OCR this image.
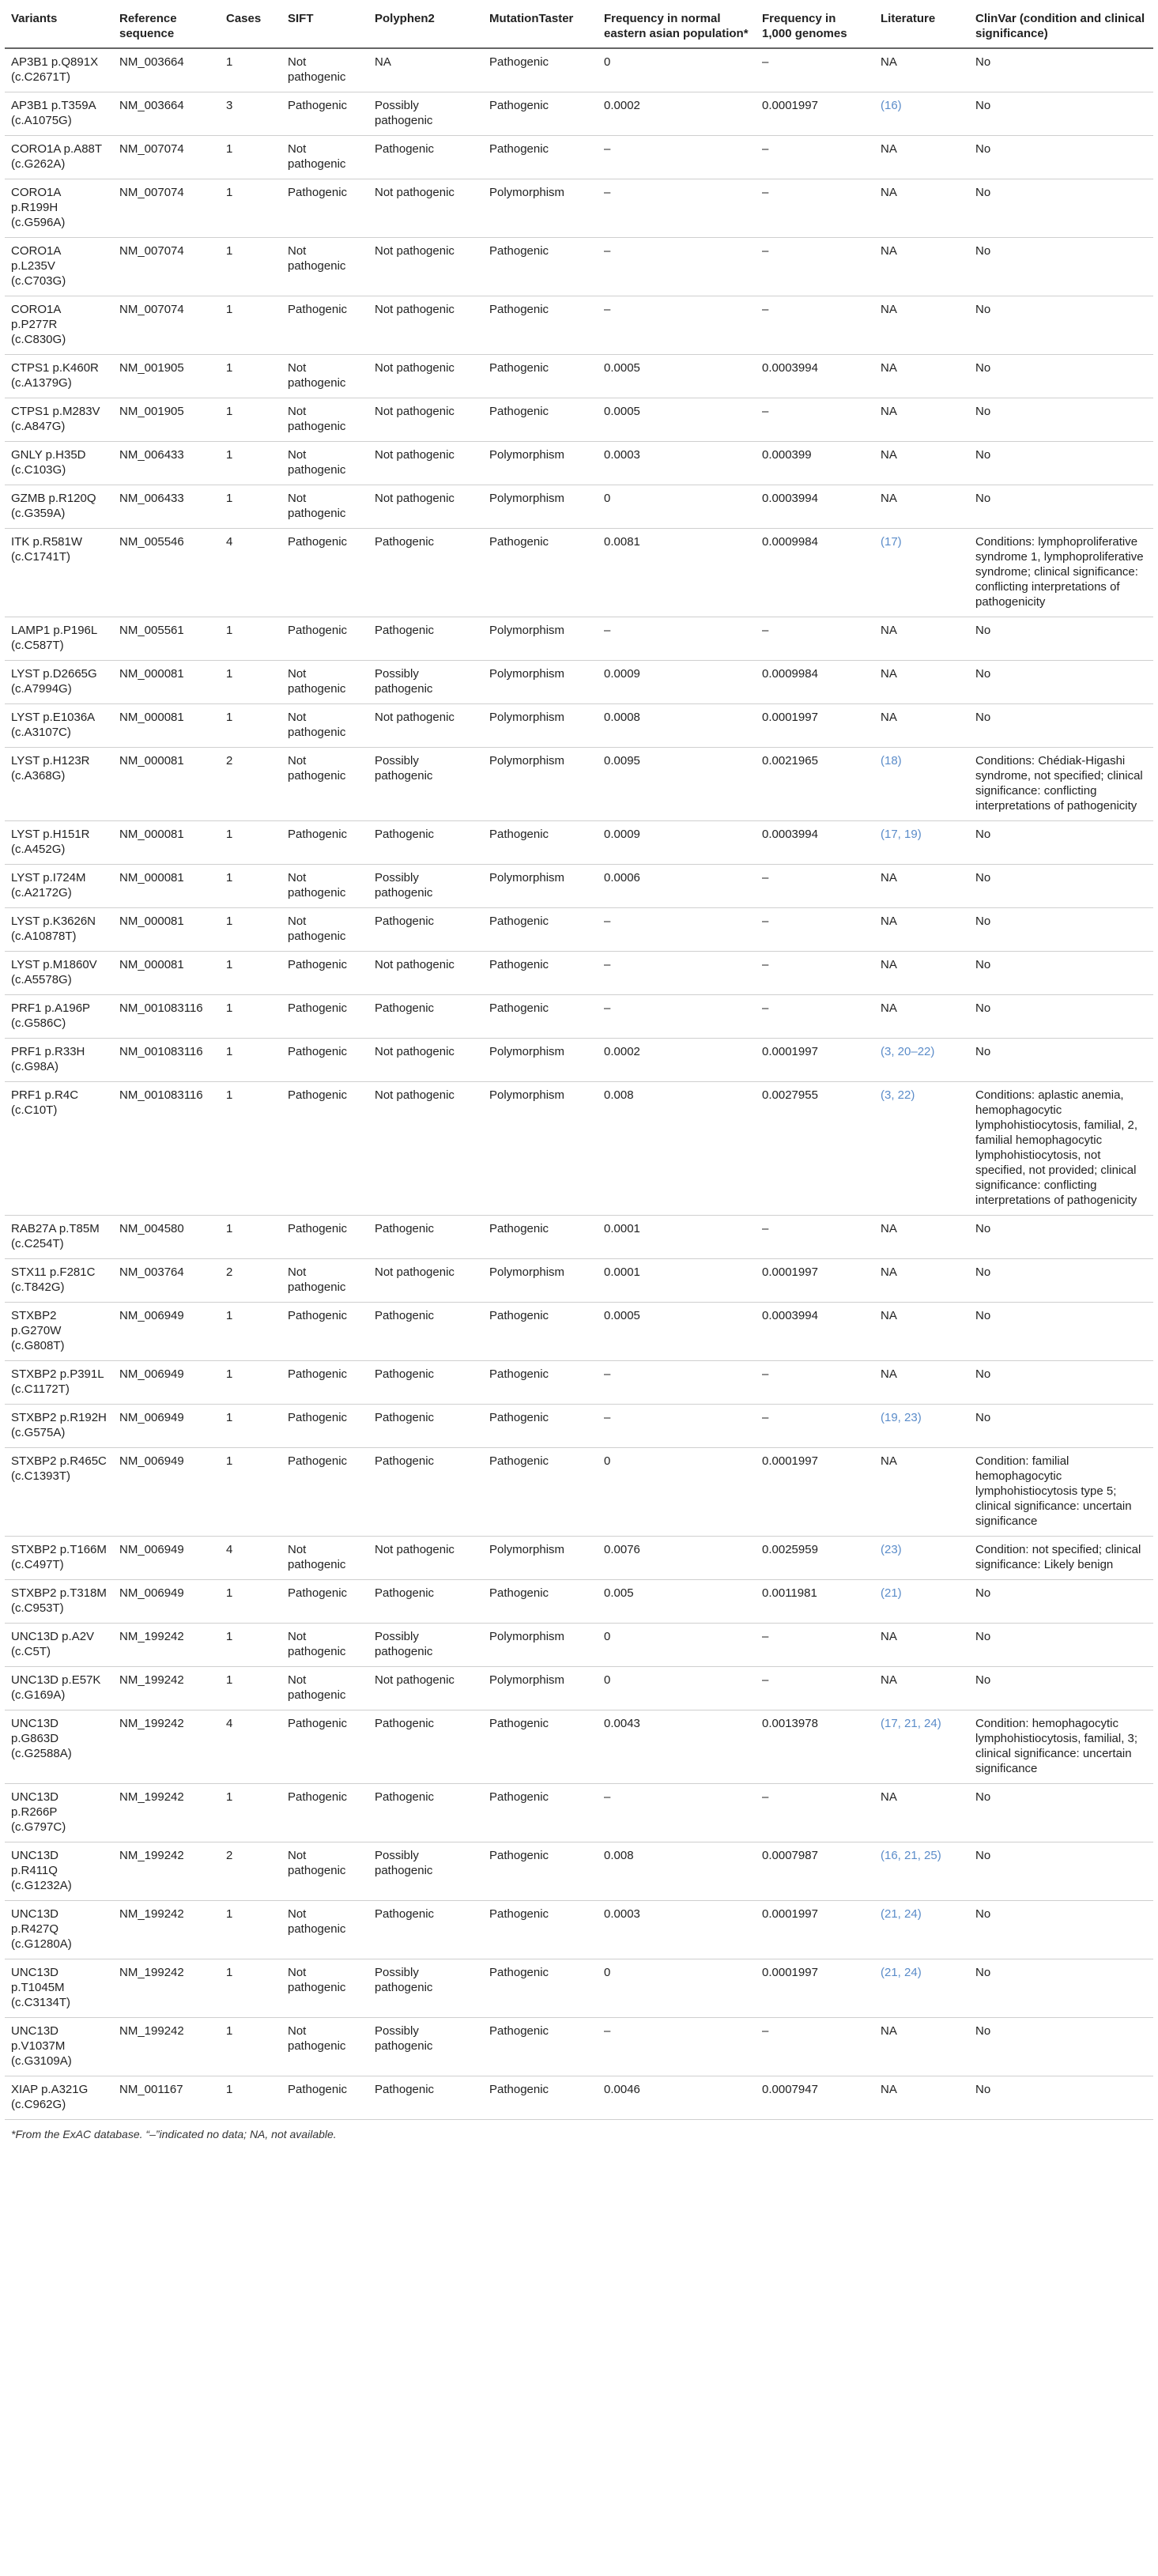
Variants	Reference sequence	Cases	SIFT	Polyphen2	MutationTaster	Frequency in normal eastern asian population*	Frequency in 1,000 genomes	Literature	ClinVar (condition and clinical significance)
AP3B1 p.Q891X (c.C2671T)	NM_003664	1	Not pathogenic	NA	Pathogenic	0	–	NA	No
AP3B1 p.T359A (c.A1075G)	NM_003664	3	Pathogenic	Possibly pathogenic	Pathogenic	0.0002	0.0001997	(16)	No
CORO1A p.A88T (c.G262A)	NM_007074	1	Not pathogenic	Pathogenic	Pathogenic	–	–	NA	No
CORO1A p.R199H (c.G596A)	NM_007074	1	Pathogenic	Not pathogenic	Polymorphism	–	–	NA	No
CORO1A p.L235V (c.C703G)	NM_007074	1	Not pathogenic	Not pathogenic	Pathogenic	–	–	NA	No
CORO1A p.P277R (c.C830G)	NM_007074	1	Pathogenic	Not pathogenic	Pathogenic	–	–	NA	No
CTPS1 p.K460R (c.A1379G)	NM_001905	1	Not pathogenic	Not pathogenic	Pathogenic	0.0005	0.0003994	NA	No
CTPS1 p.M283V (c.A847G)	NM_001905	1	Not pathogenic	Not pathogenic	Pathogenic	0.0005	–	NA	No
GNLY p.H35D (c.C103G)	NM_006433	1	Not pathogenic	Not pathogenic	Polymorphism	0.0003	0.000399	NA	No
GZMB p.R120Q (c.G359A)	NM_006433	1	Not pathogenic	Not pathogenic	Polymorphism	0	0.0003994	NA	No
ITK p.R581W (c.C1741T)	NM_005546	4	Pathogenic	Pathogenic	Pathogenic	0.0081	0.0009984	(17)	Conditions: lymphoproliferative syndrome 1, lymphoproliferative syndrome; clinical significance: conflicting interpretations of pathogenicity
LAMP1 p.P196L (c.C587T)	NM_005561	1	Pathogenic	Pathogenic	Polymorphism	–	–	NA	No
LYST p.D2665G (c.A7994G)	NM_000081	1	Not pathogenic	Possibly pathogenic	Polymorphism	0.0009	0.0009984	NA	No
LYST p.E1036A (c.A3107C)	NM_000081	1	Not pathogenic	Not pathogenic	Polymorphism	0.0008	0.0001997	NA	No
LYST p.H123R (c.A368G)	NM_000081	2	Not pathogenic	Possibly pathogenic	Polymorphism	0.0095	0.0021965	(18)	Conditions: Chédiak-Higashi syndrome, not specified; clinical significance: conflicting interpretations of pathogenicity
LYST p.H151R (c.A452G)	NM_000081	1	Pathogenic	Pathogenic	Pathogenic	0.0009	0.0003994	(17, 19)	No
LYST p.I724M (c.A2172G)	NM_000081	1	Not pathogenic	Possibly pathogenic	Polymorphism	0.0006	–	NA	No
LYST p.K3626N (c.A10878T)	NM_000081	1	Not pathogenic	Pathogenic	Pathogenic	–	–	NA	No
LYST p.M1860V (c.A5578G)	NM_000081	1	Pathogenic	Not pathogenic	Pathogenic	–	–	NA	No
PRF1 p.A196P (c.G586C)	NM_001083116	1	Pathogenic	Pathogenic	Pathogenic	–	–	NA	No
PRF1 p.R33H (c.G98A)	NM_001083116	1	Pathogenic	Not pathogenic	Polymorphism	0.0002	0.0001997	(3, 20–22)	No
PRF1 p.R4C (c.C10T)	NM_001083116	1	Pathogenic	Not pathogenic	Polymorphism	0.008	0.0027955	(3, 22)	Conditions: aplastic anemia, hemophagocytic lymphohistiocytosis, familial, 2, familial hemophagocytic lymphohistiocytosis, not specified, not provided; clinical significance: conflicting interpretations of pathogenicity
RAB27A p.T85M (c.C254T)	NM_004580	1	Pathogenic	Pathogenic	Pathogenic	0.0001	–	NA	No
STX11 p.F281C (c.T842G)	NM_003764	2	Not pathogenic	Not pathogenic	Polymorphism	0.0001	0.0001997	NA	No
STXBP2 p.G270W (c.G808T)	NM_006949	1	Pathogenic	Pathogenic	Pathogenic	0.0005	0.0003994	NA	No
STXBP2 p.P391L (c.C1172T)	NM_006949	1	Pathogenic	Pathogenic	Pathogenic	–	–	NA	No
STXBP2 p.R192H (c.G575A)	NM_006949	1	Pathogenic	Pathogenic	Pathogenic	–	–	(19, 23)	No
STXBP2 p.R465C (c.C1393T)	NM_006949	1	Pathogenic	Pathogenic	Pathogenic	0	0.0001997	NA	Condition: familial hemophagocytic lymphohistiocytosis type 5; clinical significance: uncertain significance
STXBP2 p.T166M (c.C497T)	NM_006949	4	Not pathogenic	Not pathogenic	Polymorphism	0.0076	0.0025959	(23)	Condition: not specified; clinical significance: Likely benign
STXBP2 p.T318M (c.C953T)	NM_006949	1	Pathogenic	Pathogenic	Pathogenic	0.005	0.0011981	(21)	No
UNC13D p.A2V (c.C5T)	NM_199242	1	Not pathogenic	Possibly pathogenic	Polymorphism	0	–	NA	No
UNC13D p.E57K (c.G169A)	NM_199242	1	Not pathogenic	Not pathogenic	Polymorphism	0	–	NA	No
UNC13D p.G863D (c.G2588A)	NM_199242	4	Pathogenic	Pathogenic	Pathogenic	0.0043	0.0013978	(17, 21, 24)	Condition: hemophagocytic lymphohistiocytosis, familial, 3; clinical significance: uncertain significance
UNC13D p.R266P (c.G797C)	NM_199242	1	Pathogenic	Pathogenic	Pathogenic	–	–	NA	No
UNC13D p.R411Q (c.G1232A)	NM_199242	2	Not pathogenic	Possibly pathogenic	Pathogenic	0.008	0.0007987	(16, 21, 25)	No
UNC13D p.R427Q (c.G1280A)	NM_199242	1	Not pathogenic	Pathogenic	Pathogenic	0.0003	0.0001997	(21, 24)	No
UNC13D p.T1045M (c.C3134T)	NM_199242	1	Not pathogenic	Possibly pathogenic	Pathogenic	0	0.0001997	(21, 24)	No
UNC13D p.V1037M (c.G3109A)	NM_199242	1	Not pathogenic	Possibly pathogenic	Pathogenic	–	–	NA	No
XIAP p.A321G (c.C962G)	NM_001167	1	Pathogenic	Pathogenic	Pathogenic	0.0046	0.0007947	NA	No
*From the ExAC database. “–”indicated no data; NA, not available.
